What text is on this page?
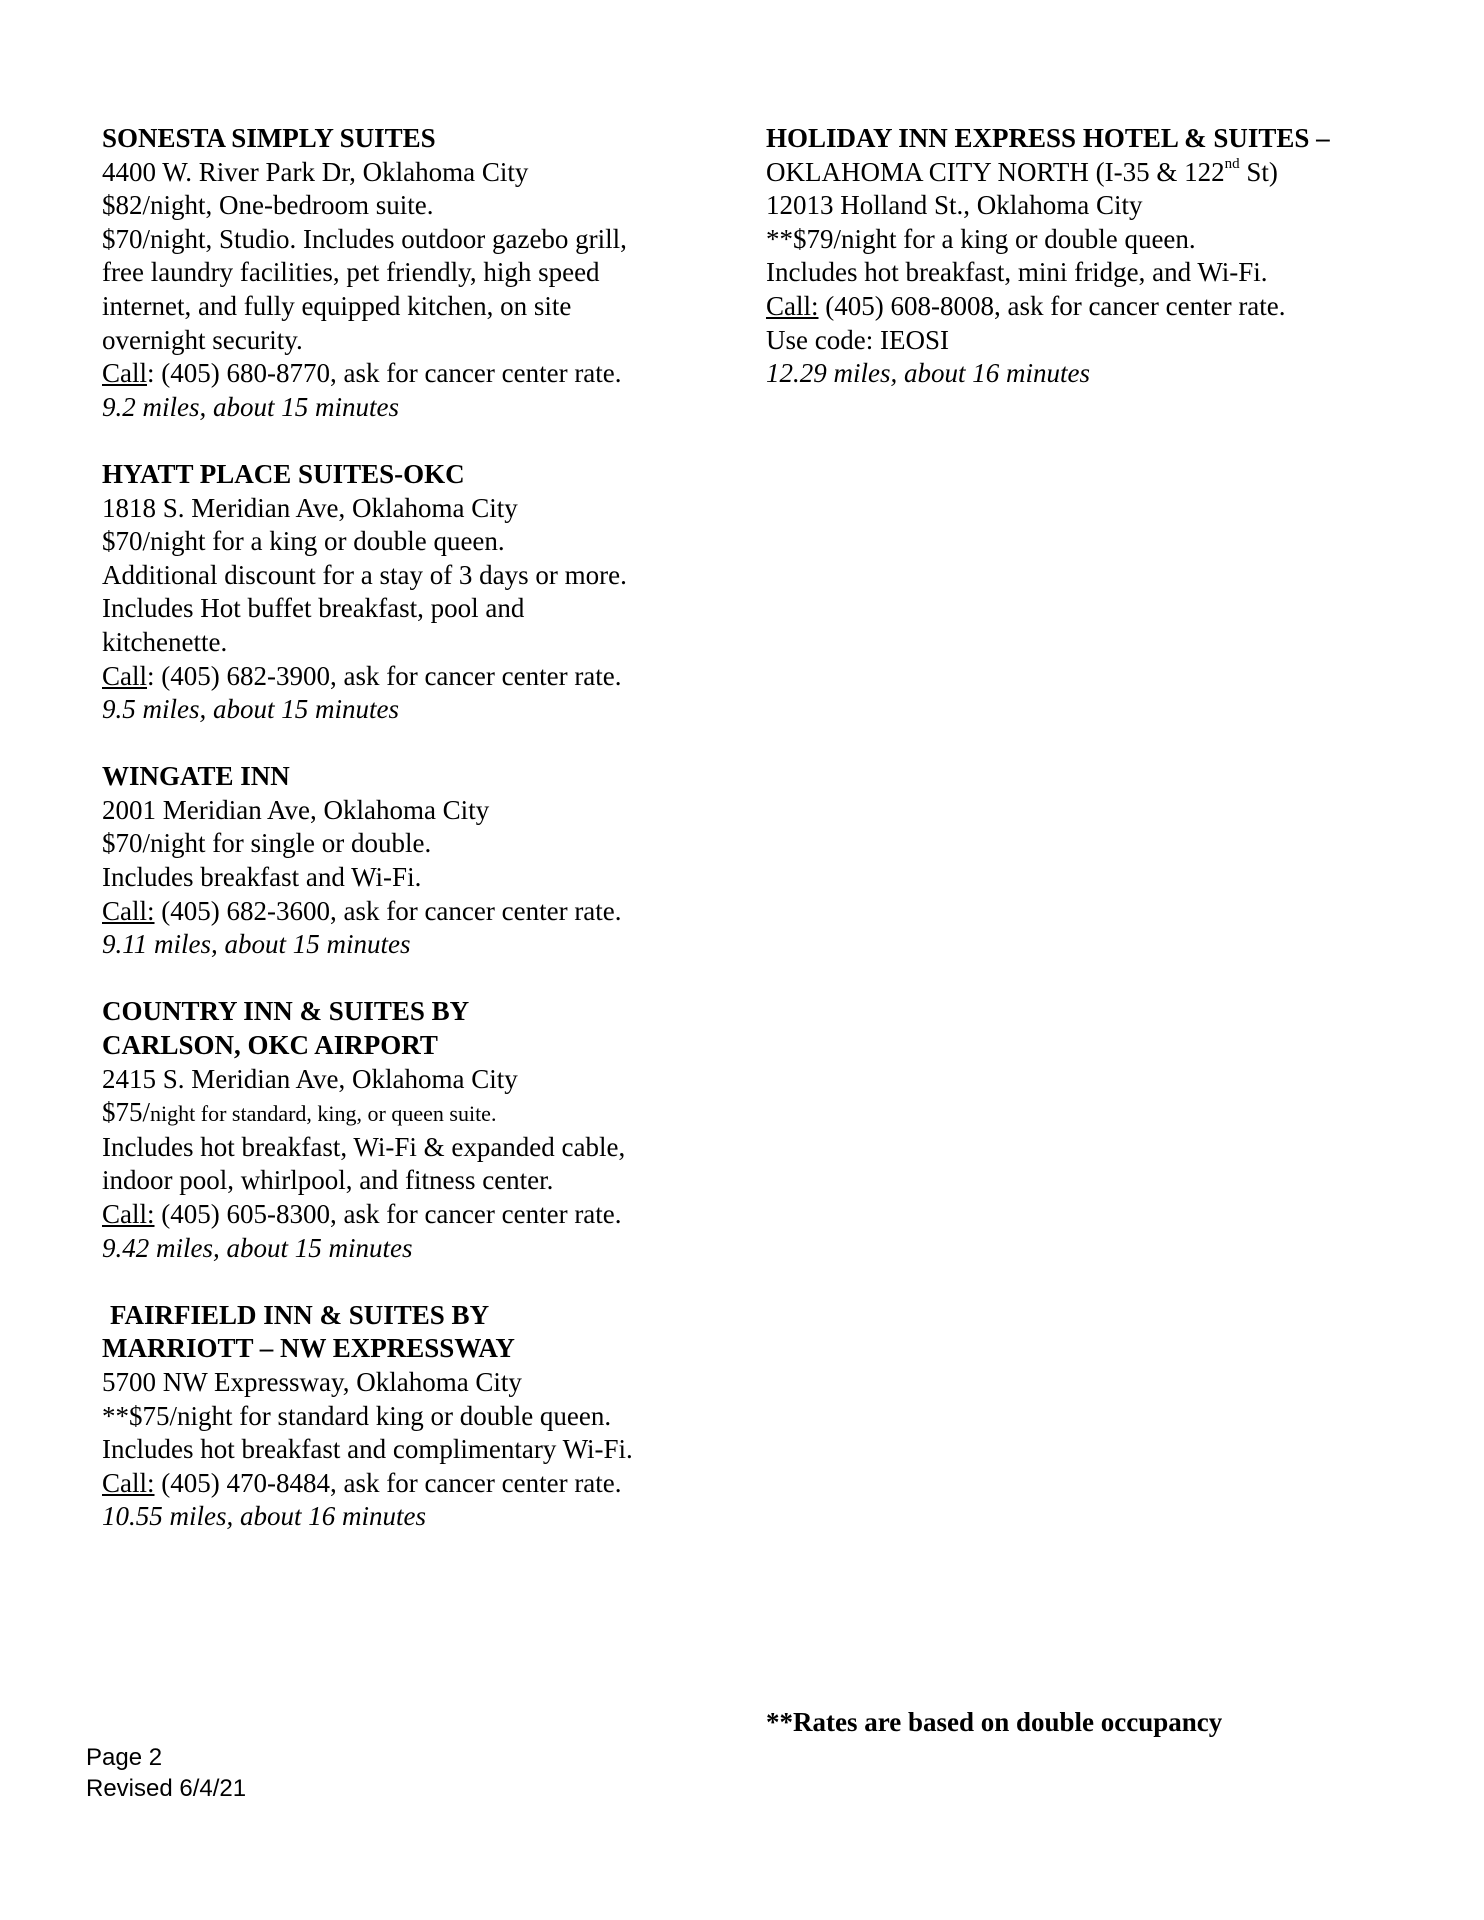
SONESTA SIMPLY SUITES

4400 W. River Park Dr, Oklahoma City

$82/night, One-bedroom suite.

$70/night, Studio. Includes outdoor gazebo grill,

free laundry facilities, pet friendly, high speed

internet, and fully equipped kitchen, on site

overnight security.

Call: (405) 680-8770, ask for cancer center rate.

9.2 miles, about 15 minutes

HYATT PLACE SUITES-OKC

1818 S. Meridian Ave, Oklahoma City

$70/night for a king or double queen.

Additional discount for a stay of 3 days or more.

Includes Hot buffet breakfast, pool and

kitchenette.

Call: (405) 682-3900, ask for cancer center rate.

9.5 miles, about 15 minutes

WINGATE INN

2001 Meridian Ave, Oklahoma City

$70/night for single or double.

Includes breakfast and Wi-Fi.

Call: (405) 682-3600, ask for cancer center rate.

9.11 miles, about 15 minutes

COUNTRY INN & SUITES BY
CARLSON, OKC AIRPORT

2415 S. Meridian Ave, Oklahoma City

$75/night for standard, king, or queen suite.

Includes hot breakfast, Wi-Fi & expanded cable,

indoor pool, whirlpool, and fitness center.

Call: (405) 605-8300, ask for cancer center rate.

9.42 miles, about 15 minutes

FAIRFIELD INN & SUITES BY
MARRIOTT – NW EXPRESSWAY

5700 NW Expressway, Oklahoma City

**$75/night for standard king or double queen.

Includes hot breakfast and complimentary Wi-Fi.

Call: (405) 470-8484, ask for cancer center rate.

10.55 miles, about 16 minutes

HOLIDAY INN EXPRESS HOTEL & SUITES –

OKLAHOMA CITY NORTH (I-35 & 122nd St)

12013 Holland St., Oklahoma City

**$79/night for a king or double queen.

Includes hot breakfast, mini fridge, and Wi-Fi.

Call: (405) 608-8008, ask for cancer center rate.

Use code: IEOSI

12.29 miles, about 16 minutes

**Rates are based on double occupancy

Page 2

Revised 6/4/21
